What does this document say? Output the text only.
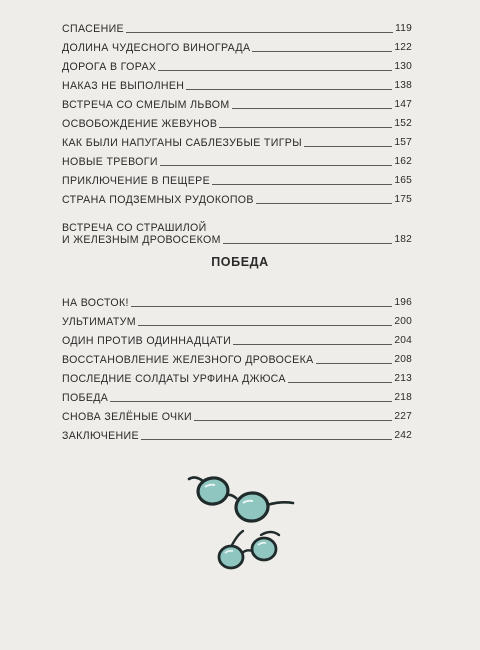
СПАСЕНИЕ	119
ДОЛИНА ЧУДЕСНОГО ВИНОГРАДА	122
ДОРОГА В ГОРАХ	130
НАКАЗ НЕ ВЫПОЛНЕН	138
ВСТРЕЧА СО СМЕЛЫМ ЛЬВОМ	147
ОСВОБОЖДЕНИЕ ЖЕВУНОВ	152
КАК БЫЛИ НАПУГАНЫ САБЛЕЗУБЫЕ ТИГРЫ	157
НОВЫЕ ТРЕВОГИ	162
ПРИКЛЮЧЕНИЕ В ПЕЩЕРЕ	165
СТРАНА ПОДЗЕМНЫХ РУДОКОПОВ	175
ВСТРЕЧА СО СТРАШИЛОЙ
И ЖЕЛЕЗНЫМ ДРОВОСЕКОМ	182
ПОБЕДА
НА ВОСТОК!	196
УЛЬТИМАТУМ	200
ОДИН ПРОТИВ ОДИННАДЦАТИ	204
ВОССТАНОВЛЕНИЕ ЖЕЛЕЗНОГО ДРОВОСЕКА	208
ПОСЛЕДНИЕ СОЛДАТЫ УРФИНА ДЖЮСА	213
ПОБЕДА	218
СНОВА ЗЕЛЁНЫЕ ОЧКИ	227
ЗАКЛЮЧЕНИЕ	242
